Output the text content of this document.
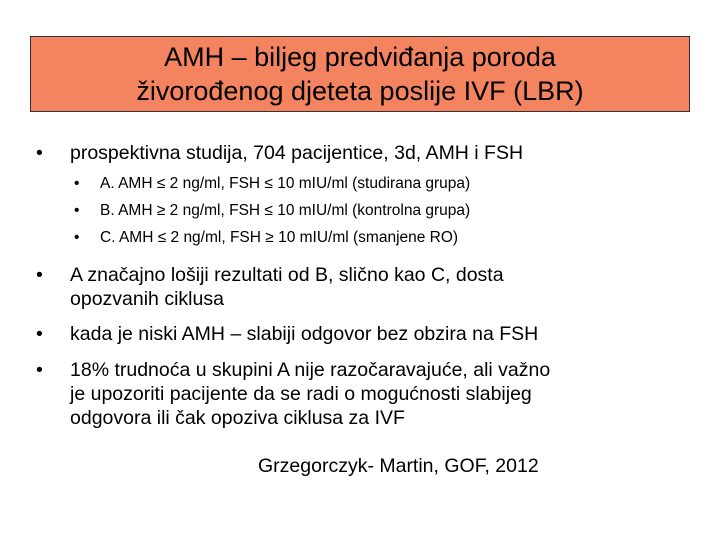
AMH – biljeg predviđanja poroda
živorođenog djeteta poslije IVF (LBR)
• prospektivna studija, 704 pacijentice, 3d, AMH i FSH
• A. AMH ≤ 2 ng/ml, FSH ≤ 10 mIU/ml (studirana grupa)
• B. AMH ≥ 2 ng/ml, FSH ≤ 10 mIU/ml (kontrolna grupa)
• C. AMH ≤ 2 ng/ml, FSH ≥ 10 mIU/ml (smanjene RO)
• A značajno lošiji rezultati od B, slično kao C, dosta
opozvanih ciklusa
• kada je niski AMH – slabiji odgovor bez obzira na FSH
• 18% trudnoća u skupini A nije razočaravajuće, ali važno
je upozoriti pacijente da se radi o mogućnosti slabijeg
odgovora ili čak opoziva ciklusa za IVF
Grzegorczyk- Martin, GOF, 2012
